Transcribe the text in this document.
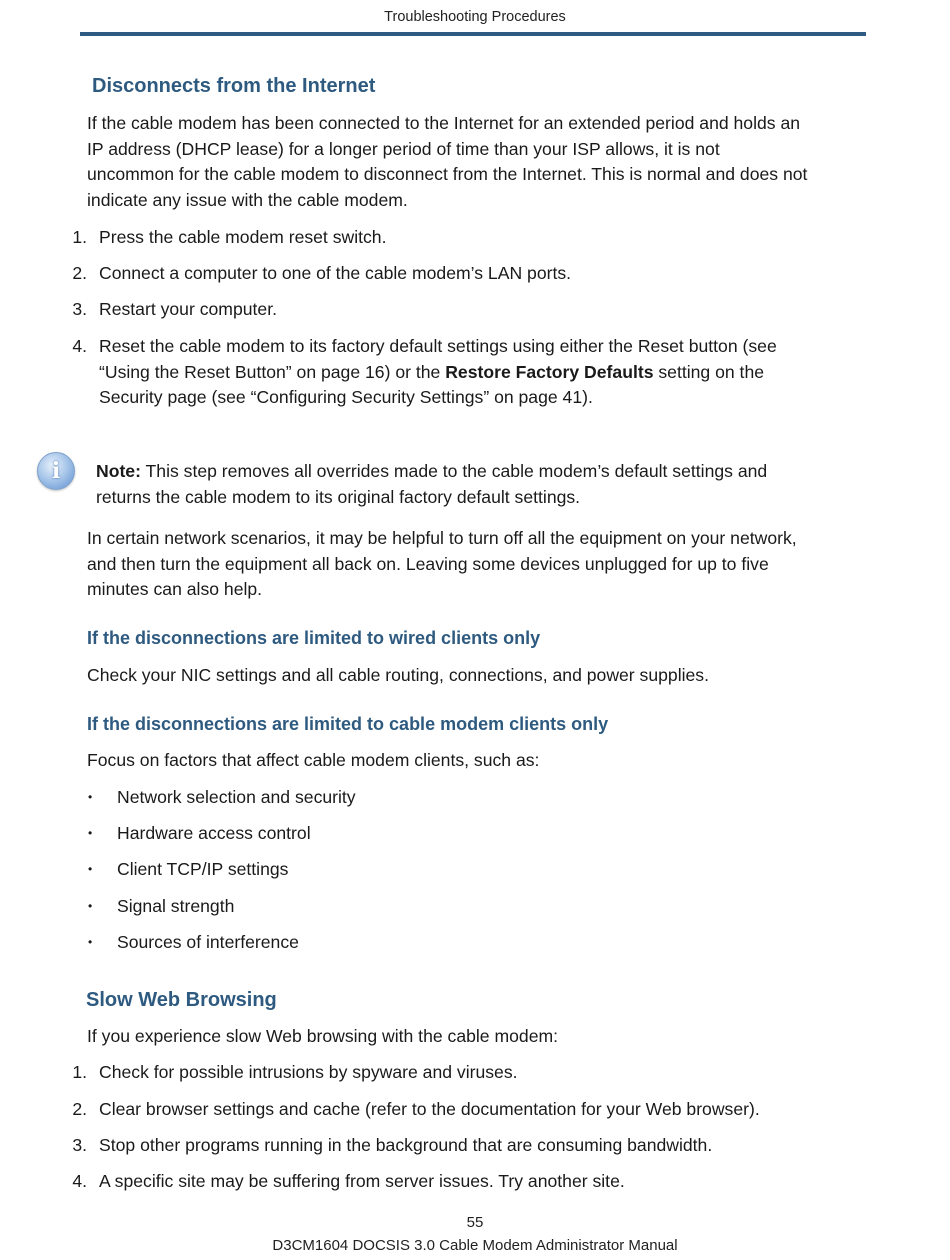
Troubleshooting Procedures
Disconnects from the Internet
If the cable modem has been connected to the Internet for an extended period and holds an
IP address (DHCP lease) for a longer period of time than your ISP allows, it is not
uncommon for the cable modem to disconnect from the Internet. This is normal and does not
indicate any issue with the cable modem.
1. Press the cable modem reset switch.
2. Connect a computer to one of the cable modem’s LAN ports.
3. Restart your computer.
4. Reset the cable modem to its factory default settings using either the Reset button (see
“Using the Reset Button” on page 16) or the Restore Factory Defaults setting on the
Security page (see “Configuring Security Settings” on page 41).
i	Note: This step removes all overrides made to the cable modem’s default settings and
returns the cable modem to its original factory default settings.
In certain network scenarios, it may be helpful to turn off all the equipment on your network,
and then turn the equipment all back on. Leaving some devices unplugged for up to five
minutes can also help.
If the disconnections are limited to wired clients only
Check your NIC settings and all cable routing, connections, and power supplies.
If the disconnections are limited to cable modem clients only
Focus on factors that affect cable modem clients, such as:
• Network selection and security
• Hardware access control
• Client TCP/IP settings
• Signal strength
• Sources of interference
Slow Web Browsing
If you experience slow Web browsing with the cable modem:
1. Check for possible intrusions by spyware and viruses.
2. Clear browser settings and cache (refer to the documentation for your Web browser).
3. Stop other programs running in the background that are consuming bandwidth.
4. A specific site may be suffering from server issues. Try another site.
55
D3CM1604 DOCSIS 3.0 Cable Modem Administrator Manual
